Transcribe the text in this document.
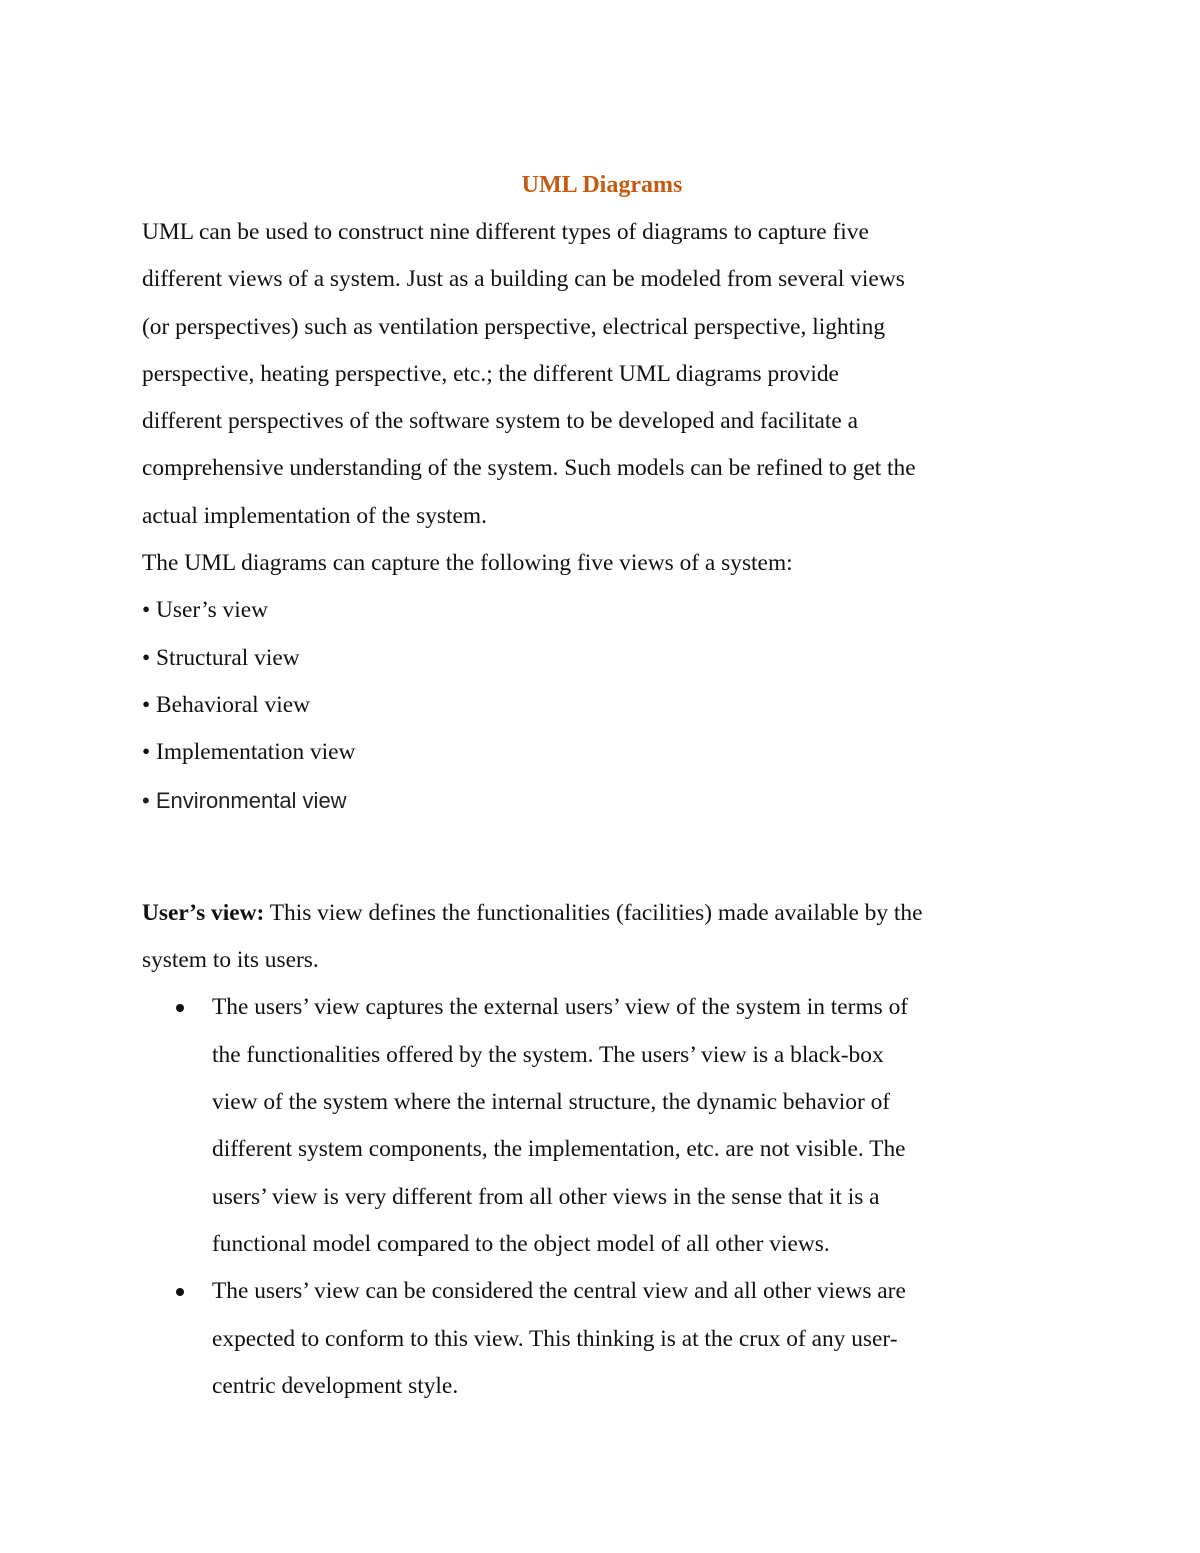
UML Diagrams

UML can be used to construct nine different types of diagrams to capture five

different views of a system. Just as a building can be modeled from several views

(or perspectives) such as ventilation perspective, electrical perspective, lighting

perspective, heating perspective, etc.; the different UML diagrams provide

different perspectives of the software system to be developed and facilitate a

comprehensive understanding of the system. Such models can be refined to get the

actual implementation of the system.

The UML diagrams can capture the following five views of a system:

• User’s view

• Structural view

• Behavioral view

• Implementation view

• Environmental view

User’s view: This view defines the functionalities (facilities) made available by the

system to its users.

The users’ view captures the external users’ view of the system in terms of

the functionalities offered by the system. The users’ view is a black-box

view of the system where the internal structure, the dynamic behavior of

different system components, the implementation, etc. are not visible. The

users’ view is very different from all other views in the sense that it is a

functional model compared to the object model of all other views.

The users’ view can be considered the central view and all other views are

expected to conform to this view. This thinking is at the crux of any user-

centric development style.
